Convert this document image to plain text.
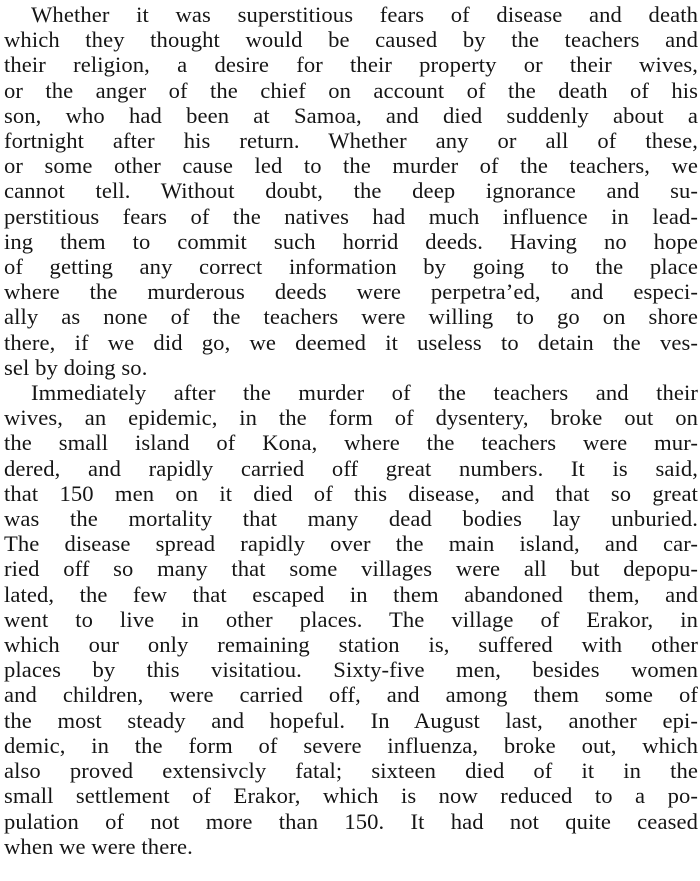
Whether it was superstitious fears of disease and death
which they thought would be caused by the teachers and
their religion, a desire for their property or their wives,
or the anger of the chief on account of the death of his
son, who had been at Samoa, and died suddenly about a
fortnight after his return. Whether any or all of these,
or some other cause led to the murder of the teachers, we
cannot tell. Without doubt, the deep ignorance and su-
perstitious fears of the natives had much influence in lead-
ing them to commit such horrid deeds. Having no hope
of getting any correct information by going to the place
where the murderous deeds were perpetra’ed, and especi-
ally as none of the teachers were willing to go on shore
there, if we did go, we deemed it useless to detain the ves-
sel by doing so.
Immediately after the murder of the teachers and their
wives, an epidemic, in the form of dysentery, broke out on
the small island of Kona, where the teachers were mur-
dered, and rapidly carried off great numbers. It is said,
that 150 men on it died of this disease, and that so great
was the mortality that many dead bodies lay unburied.
The disease spread rapidly over the main island, and car-
ried off so many that some villages were all but depopu-
lated, the few that escaped in them abandoned them, and
went to live in other places. The village of Erakor, in
which our only remaining station is, suffered with other
places by this visitatiou. Sixty-five men, besides women
and children, were carried off, and among them some of
the most steady and hopeful. In August last, another epi-
demic, in the form of severe influenza, broke out, which
also proved extensivcly fatal; sixteen died of it in the
small settlement of Erakor, which is now reduced to a po-
pulation of not more than 150. It had not quite ceased
when we were there.
